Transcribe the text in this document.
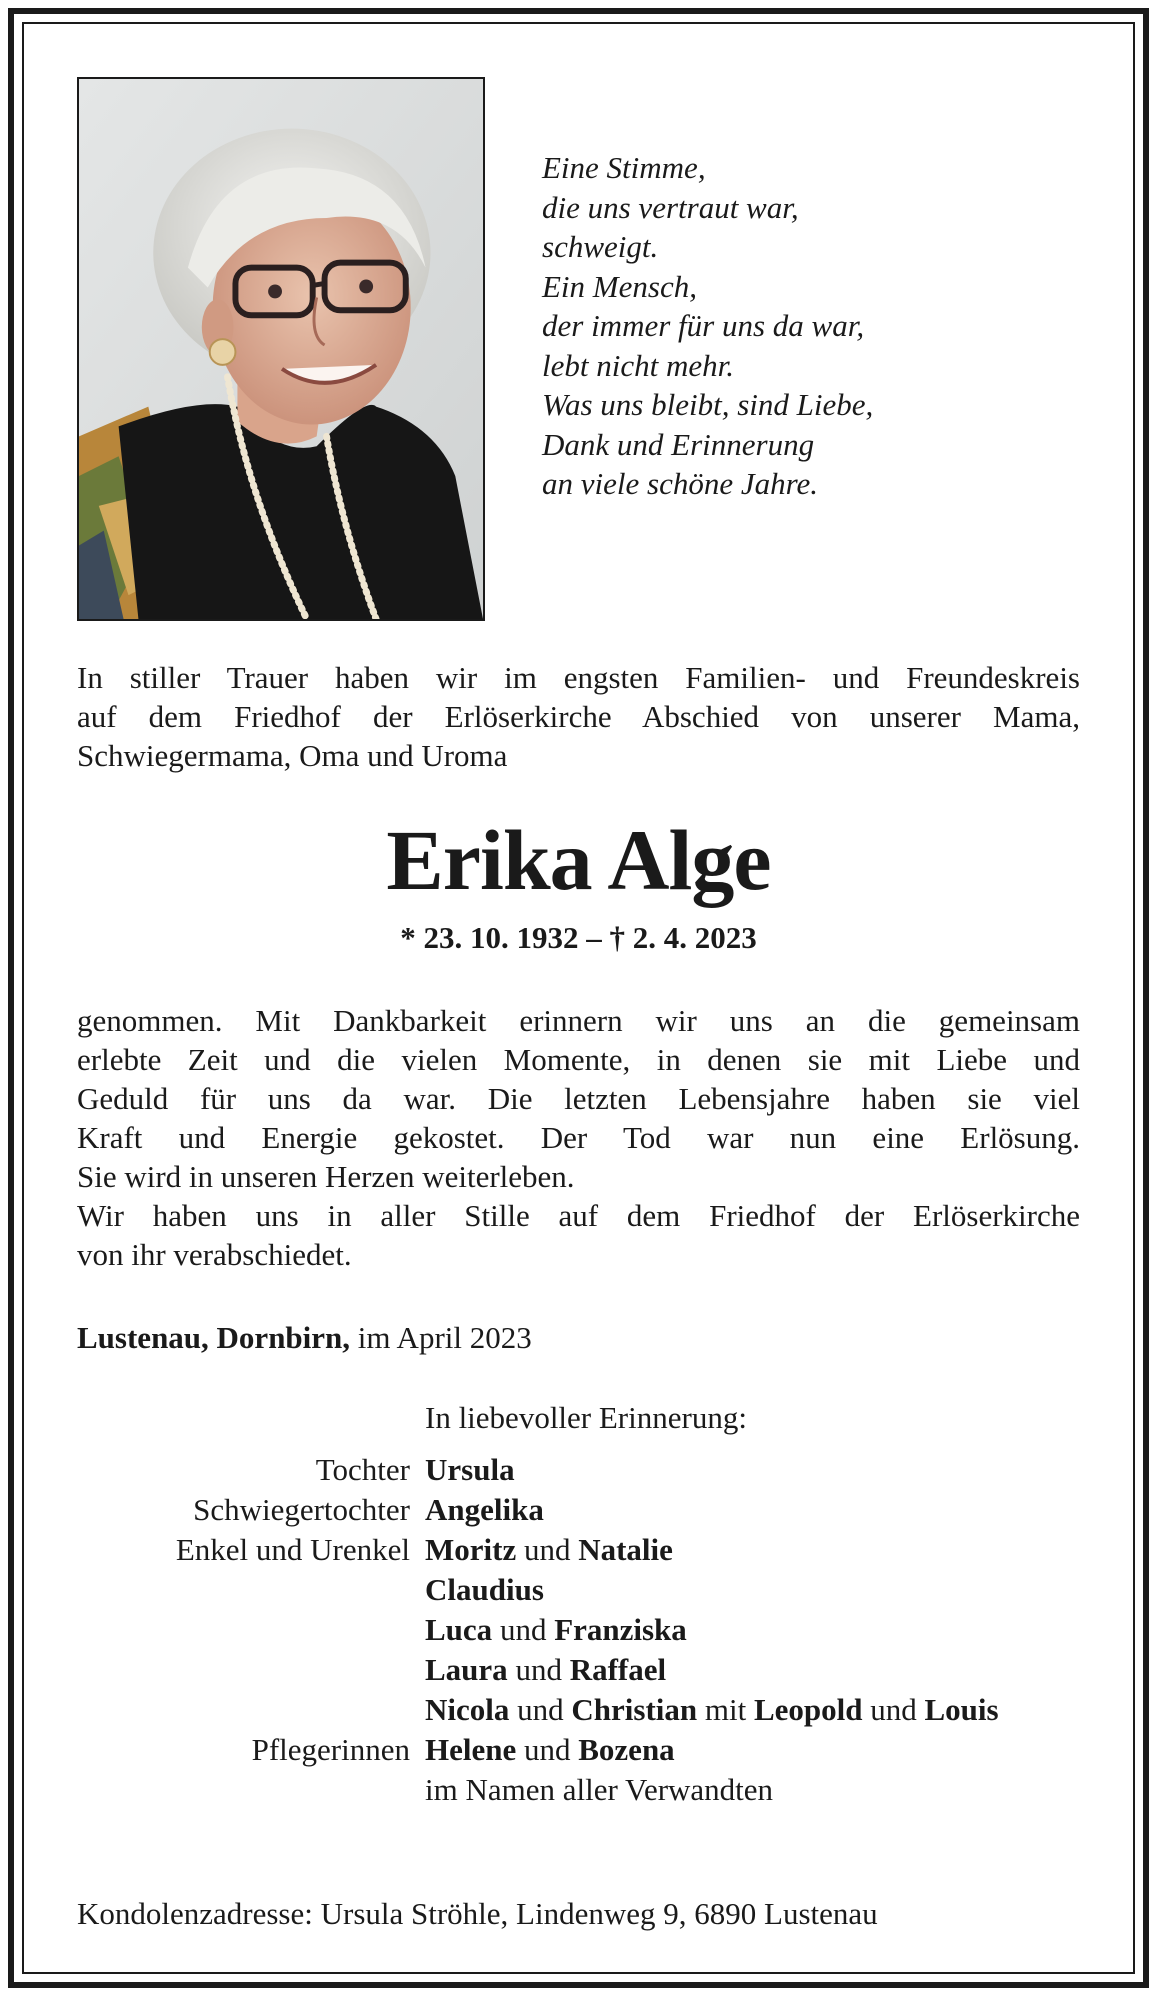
Eine Stimme,
die uns vertraut war,
schweigt.
Ein Mensch,
der immer für uns da war,
lebt nicht mehr.
Was uns bleibt, sind Liebe,
Dank und Erinnerung
an viele schöne Jahre.
In stiller Trauer haben wir im engsten Familien- und Freundeskreis
auf dem Friedhof der Erlöserkirche Abschied von unserer Mama,
Schwiegermama, Oma und Uroma
Erika Alge
* 23. 10. 1932 – † 2. 4. 2023
genommen. Mit Dankbarkeit erinnern wir uns an die gemeinsam
erlebte Zeit und die vielen Momente, in denen sie mit Liebe und
Geduld für uns da war. Die letzten Lebensjahre haben sie viel
Kraft und Energie gekostet. Der Tod war nun eine Erlösung.
Sie wird in unseren Herzen weiterleben.
Wir haben uns in aller Stille auf dem Friedhof der Erlöserkirche
von ihr verabschiedet.
Lustenau, Dornbirn, im April 2023
In liebevoller Erinnerung:
Tochter Ursula
Schwiegertochter Angelika
Enkel und Urenkel Moritz und Natalie
Claudius
Luca und Franziska
Laura und Raffael
Nicola und Christian mit Leopold und Louis
Pflegerinnen Helene und Bozena
im Namen aller Verwandten
Kondolenzadresse: Ursula Ströhle, Lindenweg 9, 6890 Lustenau
